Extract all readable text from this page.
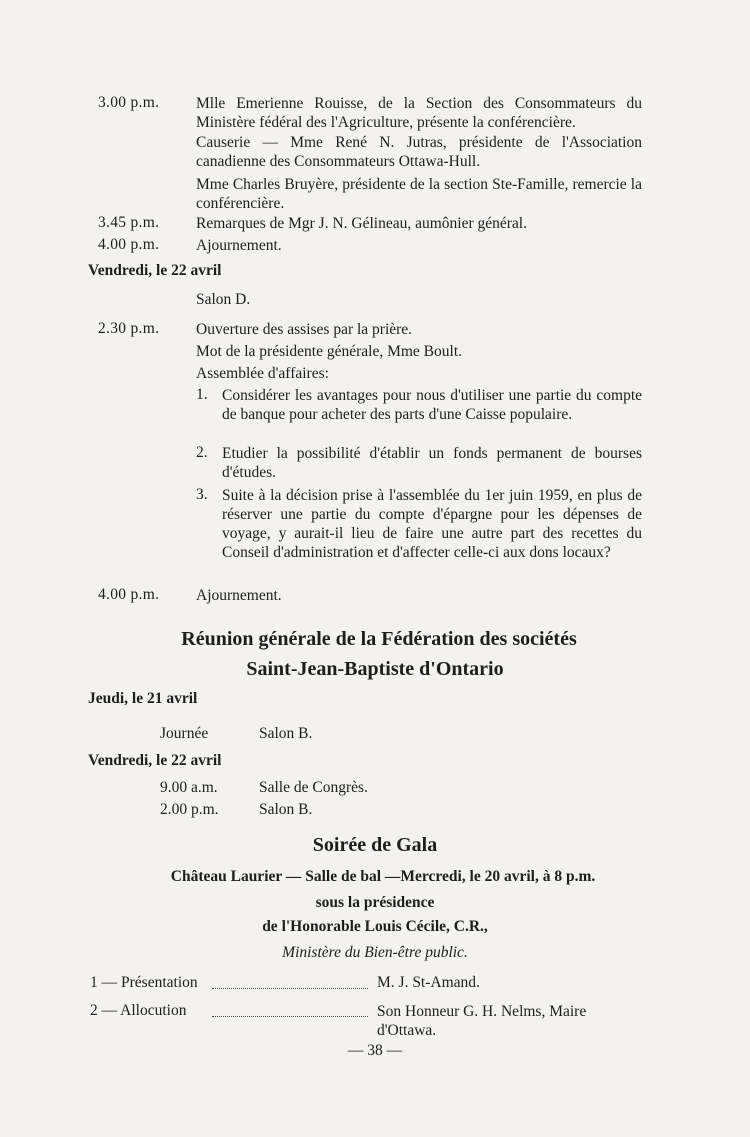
3.00 p.m. Mlle Emerienne Rouisse, de la Section des Consommateurs du Ministère fédéral des l'Agriculture, présente la conférencière.
Causerie — Mme René N. Jutras, présidente de l'Association canadienne des Consommateurs Ottawa-Hull.
Mme Charles Bruyère, présidente de la section Ste-Famille, remercie la conférencière.
3.45 p.m. Remarques de Mgr J. N. Gélineau, aumônier général.
4.00 p.m. Ajournement.
Vendredi, le 22 avril
Salon D.
2.30 p.m. Ouverture des assises par la prière.
Mot de la présidente générale, Mme Boult.
Assemblée d'affaires:
1. Considérer les avantages pour nous d'utiliser une partie du compte de banque pour acheter des parts d'une Caisse populaire.
2. Etudier la possibilité d'établir un fonds permanent de bourses d'études.
3. Suite à la décision prise à l'assemblée du 1er juin 1959, en plus de réserver une partie du compte d'épargne pour les dépenses de voyage, y aurait-il lieu de faire une autre part des recettes du Conseil d'administration et d'affecter celle-ci aux dons locaux?
4.00 p.m. Ajournement.
Réunion générale de la Fédération des sociétés
Saint-Jean-Baptiste d'Ontario
Jeudi, le 21 avril
Journée	Salon B.
Vendredi, le 22 avril
9.00 a.m.	Salle de Congrès.
2.00 p.m.	Salon B.
Soirée de Gala
Château Laurier — Salle de bal —Mercredi, le 20 avril, à 8 p.m.
sous la présidence
de l'Honorable Louis Cécile, C.R.,
Ministère du Bien-être public.
1 — Présentation	M. J. St-Amand.
2 — Allocution	Son Honneur G. H. Nelms, Maire d'Ottawa.
— 38 —
